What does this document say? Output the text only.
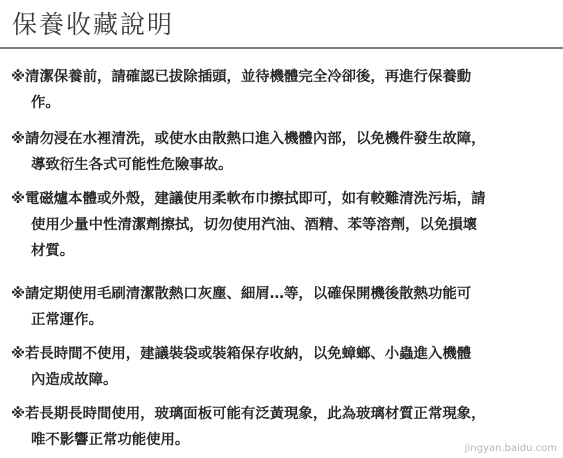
保養收藏說明
※清潔保養前，請確認已拔除插頭，並待機體完全冷卻後，再進行保養動
作。
※請勿浸在水裡清洗，或使水由散熱口進入機體內部，以免機件發生故障，
導致衍生各式可能性危險事故。
※電磁爐本體或外殼，建議使用柔軟布巾擦拭即可，如有較難清洗污垢，請
使用少量中性清潔劑擦拭，切勿使用汽油、酒精、苯等溶劑，以免損壞
材質。
※請定期使用毛刷清潔散熱口灰塵、細屑…等，以確保開機後散熱功能可
正常運作。
※若長時間不使用，建議裝袋或裝箱保存收納，以免蟑螂、小蟲進入機體
內造成故障。
※若長期長時間使用，玻璃面板可能有泛黃現象，此為玻璃材質正常現象，
唯不影響正常功能使用。
jingyan.baidu.com
